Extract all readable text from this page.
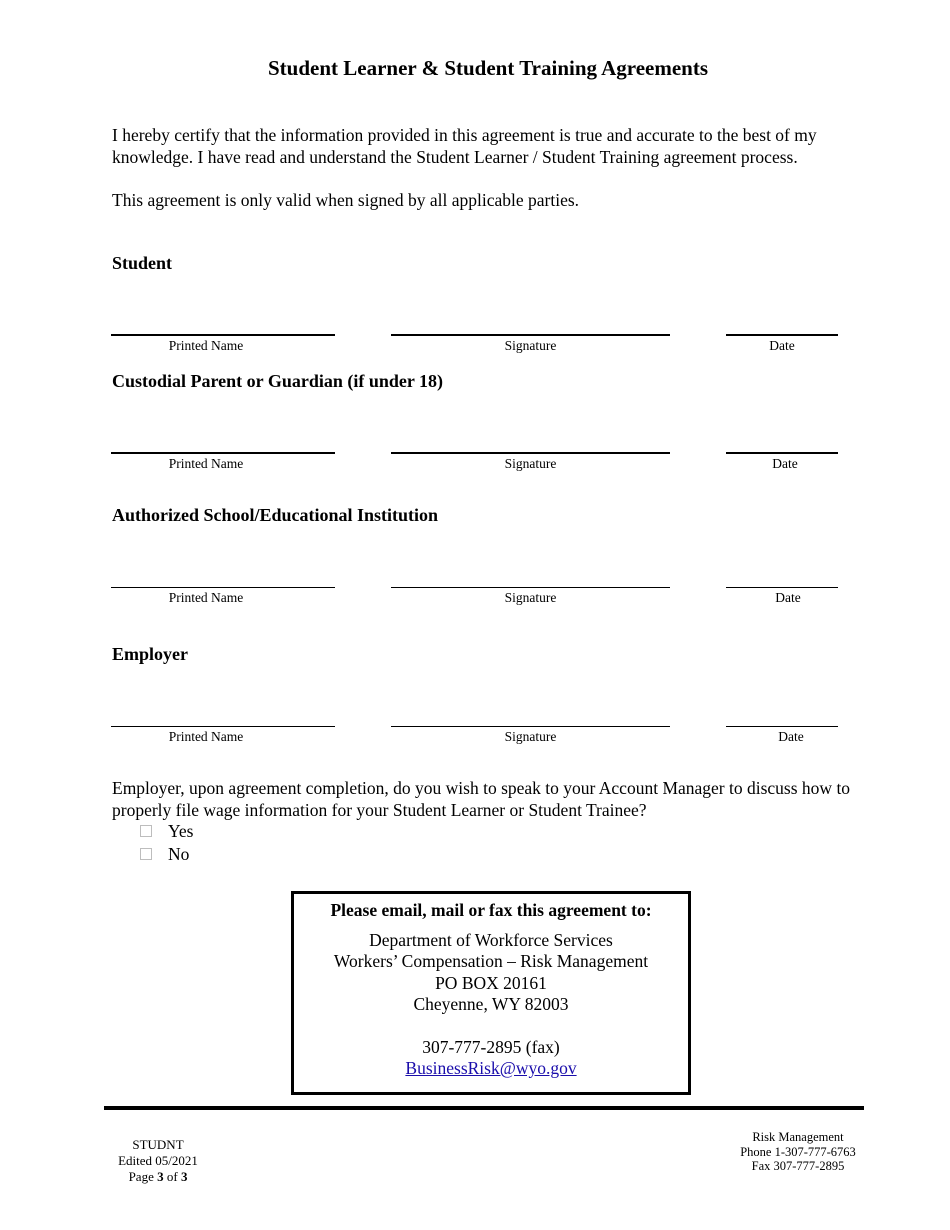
Student Learner & Student Training Agreements
I hereby certify that the information provided in this agreement is true and accurate to the best of my knowledge. I have read and understand the Student Learner / Student Training agreement process.
This agreement is only valid when signed by all applicable parties.
Student
Printed Name	Signature	Date
Custodial Parent or Guardian (if under 18)
Printed Name	Signature	Date
Authorized School/Educational Institution
Printed Name	Signature	Date
Employer
Printed Name	Signature	Date
Employer, upon agreement completion, do you wish to speak to your Account Manager to discuss how to properly file wage information for your Student Learner or Student Trainee?
Yes
No
Please email, mail or fax this agreement to:
Department of Workforce Services
Workers’ Compensation – Risk Management
PO BOX 20161
Cheyenne, WY 82003
307-777-2895 (fax)
BusinessRisk@wyo.gov
STUDNT
Edited 05/2021
Page 3 of 3
Risk Management
Phone 1-307-777-6763
Fax 307-777-2895
